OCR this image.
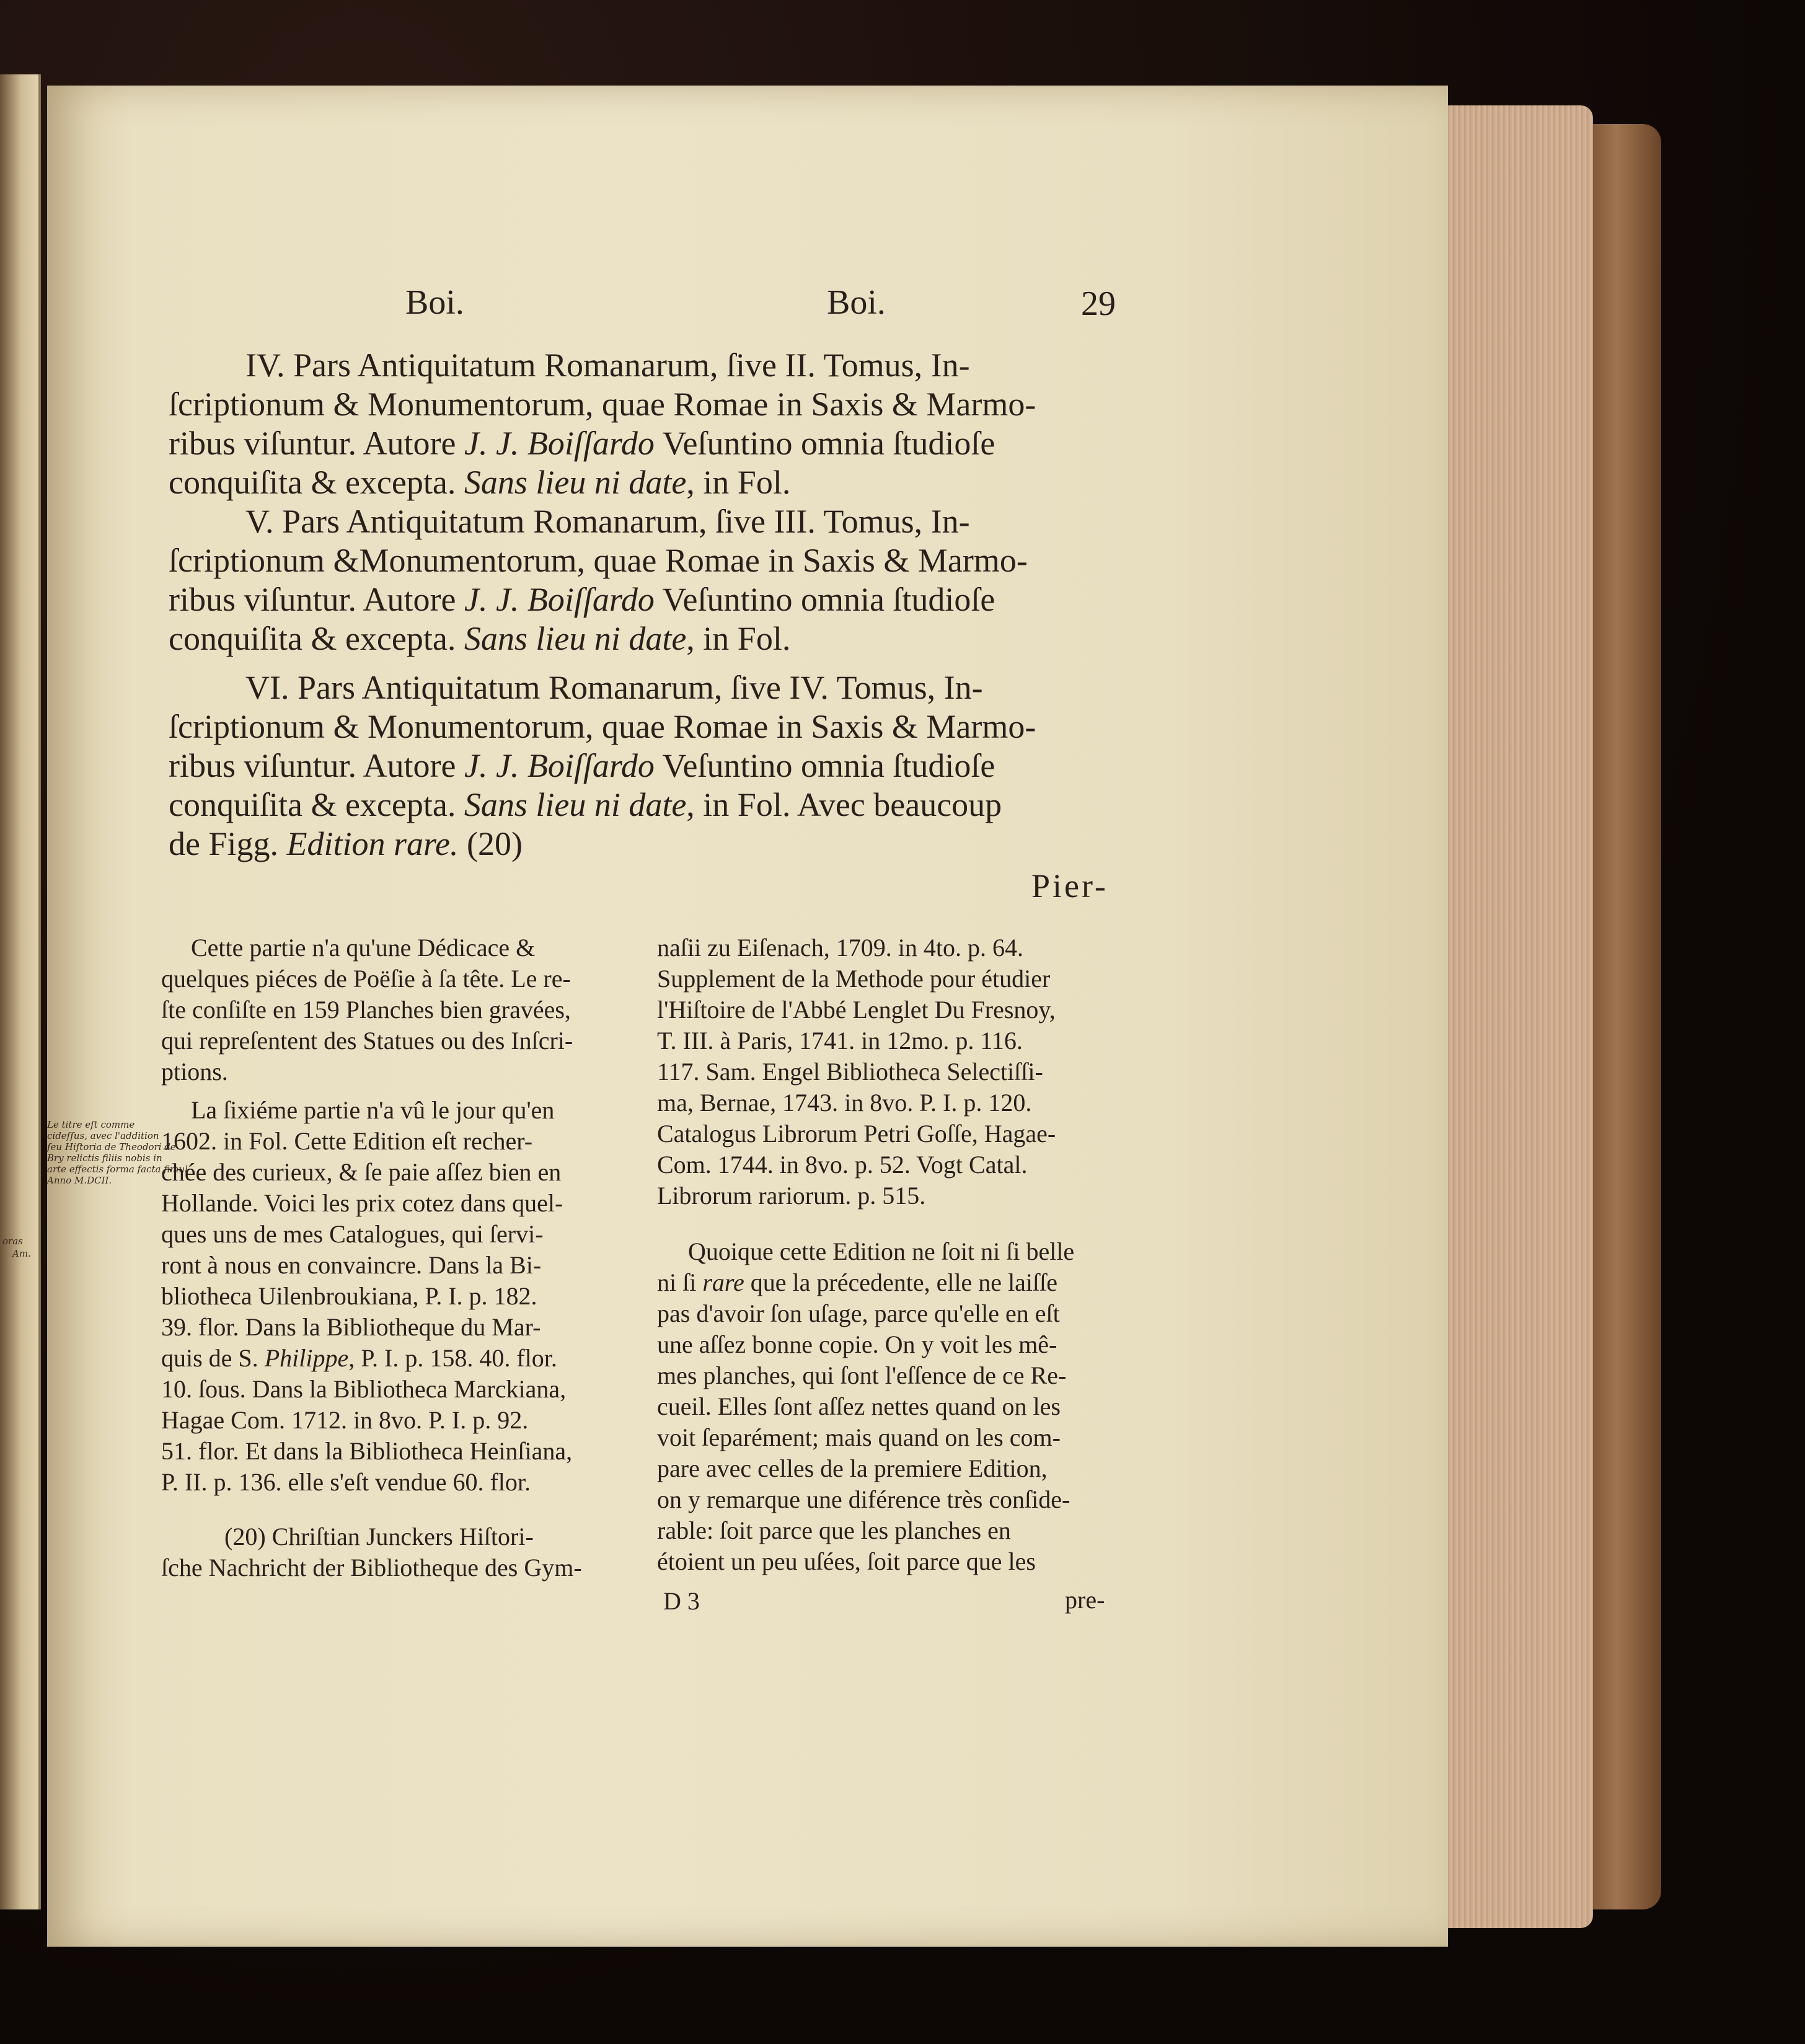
Boi.	Boi.	29

IV. Pars Antiquitatum Romanarum, ſive II. Tomus, In-

ſcriptionum & Monumentorum, quae Romae in Saxis & Marmo-

ribus viſuntur. Autore J. J. Boiſſardo Veſuntino omnia ſtudioſe

conquiſita & excepta. Sans lieu ni date, in Fol.

V. Pars Antiquitatum Romanarum, ſive III. Tomus, In-

ſcriptionum &Monumentorum, quae Romae in Saxis & Marmo-

ribus viſuntur. Autore J. J. Boiſſardo Veſuntino omnia ſtudioſe

conquiſita & excepta. Sans lieu ni date, in Fol.

VI. Pars Antiquitatum Romanarum, ſive IV. Tomus, In-

ſcriptionum & Monumentorum, quae Romae in Saxis & Marmo-

ribus viſuntur. Autore J. J. Boiſſardo Veſuntino omnia ſtudioſe

conquiſita & excepta. Sans lieu ni date, in Fol. Avec beaucoup

de Figg. Edition rare. (20)

Pier-

Cette partie n'a qu'une Dédicace &

quelques piéces de Poëſie à ſa tête. Le re-

ſte conſiſte en 159 Planches bien gravées,

qui repreſentent des Statues ou des Inſcri-

ptions.

La ſixiéme partie n'a vû le jour qu'en

1602. in Fol. Cette Edition eſt recher-

chée des curieux, & ſe paie aſſez bien en

Hollande. Voici les prix cotez dans quel-

ques uns de mes Catalogues, qui ſervi-

ront à nous en convaincre. Dans la Bi-

bliotheca Uilenbroukiana, P. I. p. 182.

39. flor. Dans la Bibliotheque du Mar-

quis de S. Philippe, P. I. p. 158. 40. flor.

10. ſous. Dans la Bibliotheca Marckiana,

Hagae Com. 1712. in 8vo. P. I. p. 92.

51. flor. Et dans la Bibliotheca Heinſiana,

P. II. p. 136. elle s'eſt vendue 60. flor.

(20) Chriſtian Junckers Hiſtori-

ſche Nachricht der Bibliotheque des Gym-

D 3

naſii zu Eiſenach, 1709. in 4to. p. 64.

Supplement de la Methode pour étudier

l'Hiſtoire de l'Abbé Lenglet Du Fresnoy,

T. III. à Paris, 1741. in 12mo. p. 116.

117. Sam. Engel Bibliotheca Selectiſſi-

ma, Bernae, 1743. in 8vo. P. I. p. 120.

Catalogus Librorum Petri Goſſe, Hagae-

Com. 1744. in 8vo. p. 52. Vogt Catal.

Librorum rariorum. p. 515.

Quoique cette Edition ne ſoit ni ſi belle

ni ſi rare que la précedente, elle ne laiſſe

pas d'avoir ſon uſage, parce qu'elle en eſt

une aſſez bonne copie. On y voit les mê-

mes planches, qui ſont l'eſſence de ce Re-

cueil. Elles ſont aſſez nettes quand on les

voit ſeparément; mais quand on les com-

pare avec celles de la premiere Edition,

on y remarque une diférence très conſide-

rable: ſoit parce que les planches en

étoient un peu uſées, ſoit parce que les

pre-

Le titre eſt comme

cideſſus, avec l'addition

ſeu Hiſtoria de Theodori de

Bry relictis filiis nobis in

arte effectis forma facta fimul

Anno M.DCII.

oras

Am.
